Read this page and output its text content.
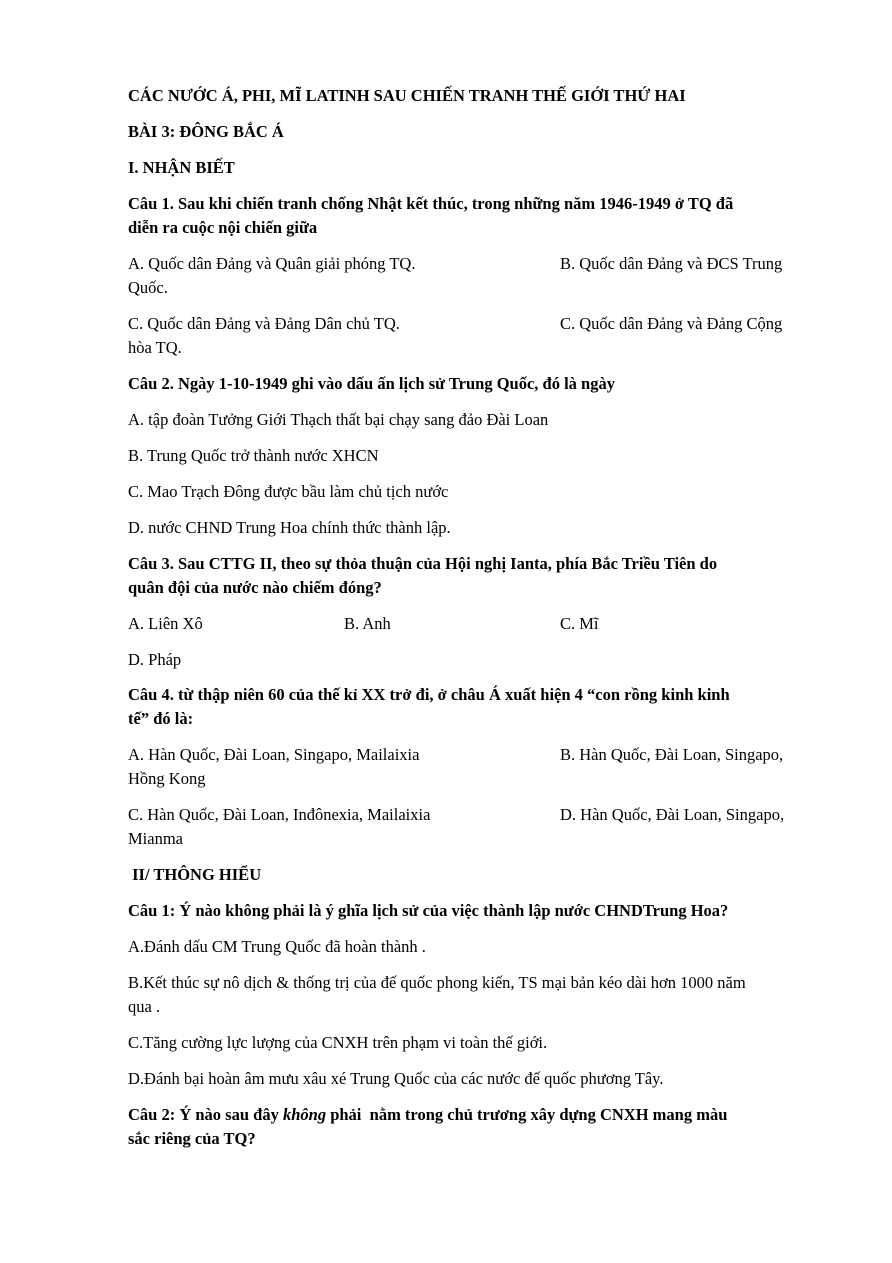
CÁC NƯỚC Á, PHI, MĨ LATINH SAU CHIẾN TRANH THẾ GIỚI THỨ HAI
BÀI 3: ĐÔNG BẮC Á
I. NHẬN BIẾT
Câu 1. Sau khi chiến tranh chống Nhật kết thúc, trong những năm 1946-1949 ở TQ đã
diễn ra cuộc nội chiến giữa
A. Quốc dân Đảng và Quân giải phóng TQ.	B. Quốc dân Đảng và ĐCS Trung
Quốc.
C. Quốc dân Đảng và Đảng Dân chủ TQ.	C. Quốc dân Đảng và Đảng Cộng
hòa TQ.
Câu 2. Ngày 1-10-1949 ghi vào dấu ấn lịch sử Trung Quốc, đó là ngày
A. tập đoàn Tưởng Giới Thạch thất bại chạy sang đảo Đài Loan
B. Trung Quốc trở thành nước XHCN
C. Mao Trạch Đông được bầu làm chủ tịch nước
D. nước CHND Trung Hoa chính thức thành lập.
Câu 3. Sau CTTG II, theo sự thỏa thuận của Hội nghị Ianta, phía Bắc Triều Tiên do
quân đội của nước nào chiếm đóng?
A. Liên Xô	B. Anh	C. Mĩ
D. Pháp
Câu 4. từ thập niên 60 của thế kỉ XX trở đi, ở châu Á xuất hiện 4 “con rồng kinh kinh
tế” đó là:
A. Hàn Quốc, Đài Loan, Singapo, Mailaixia	B. Hàn Quốc, Đài Loan, Singapo,
Hồng Kong
C. Hàn Quốc, Đài Loan, Inđônexia, Mailaixia	D. Hàn Quốc, Đài Loan, Singapo,
Mianma
II/ THÔNG HIỂU
Câu 1: Ý nào không phải là ý ghĩa lịch sử của việc thành lập nước CHNDTrung Hoa?
A.Đánh dấu CM Trung Quốc đã hoàn thành .
B.Kết thúc sự nô dịch & thống trị của đế quốc phong kiến, TS mại bản kéo dài hơn 1000 năm
qua .
C.Tăng cường lực lượng của CNXH trên phạm vi toàn thế giới.
D.Đánh bại hoàn âm mưu xâu xé Trung Quốc của các nước đế quốc phương Tây.
Câu 2: Ý nào sau đây không phải  nằm trong chủ trương xây dựng CNXH mang màu
sắc riêng của TQ?
